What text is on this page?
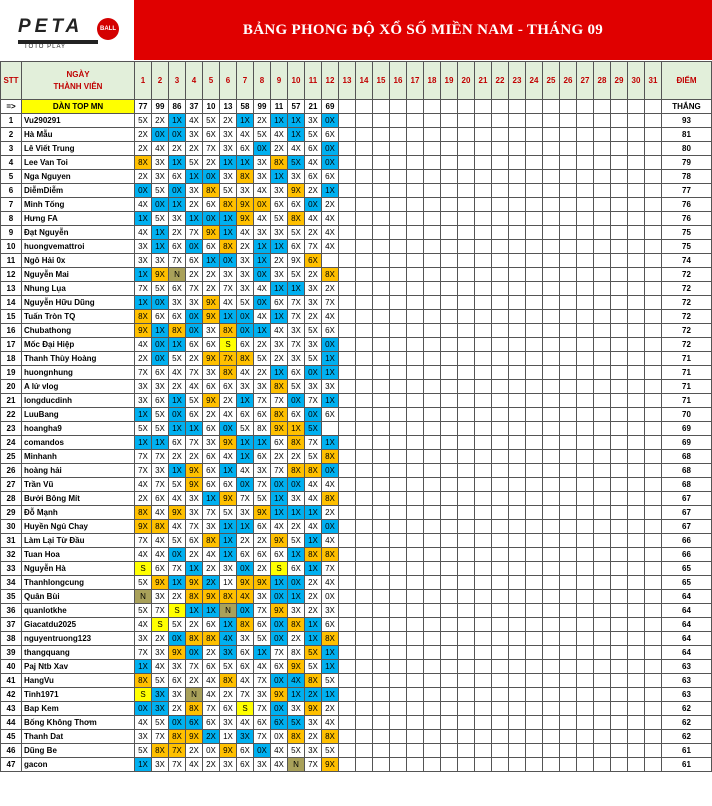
PETA	BALL
TOTO PLAY
BẢNG PHONG ĐỘ XỔ SỐ MIỀN NAM - THÁNG 09
STT	NGÀY
THÀNH VIÊN	1	2	3	4	5	6	7	8	9	10	11	12	13	14	15	16	17	18	19	20	21	22	23	24	25	26	27	28	29	30	31	ĐIỂM
=>	DÀN TOP MN	77	99	86	37	10	13	58	99	11	57	21	69																				THẮNG
1	Vu290291	5X	2X	1X	4X	5X	2X	1X	2X	1X	1X	3X	0X																				93
2	Hà Mẫu	2X	0X	0X	3X	6X	3X	4X	5X	4X	1X	5X	6X																				81
3	Lê Viết Trung	2X	4X	2X	2X	7X	3X	6X	0X	2X	4X	6X	0X																				80
4	Lee Van Toi	8X	3X	1X	5X	2X	1X	1X	3X	8X	5X	4X	0X																				79
5	Nga Nguyen	2X	3X	6X	1X	0X	3X	8X	3X	1X	3X	6X	6X																				78
6	DiễmDiễm	0X	5X	0X	3X	8X	5X	3X	4X	3X	9X	2X	1X																				77
7	Minh Tống	4X	0X	1X	2X	6X	8X	9X	0X	6X	6X	0X	2X																				76
8	Hưng FA	1X	5X	3X	1X	0X	1X	9X	4X	5X	8X	4X	4X																				76
9	Đạt Nguyễn	4X	1X	2X	7X	9X	1X	4X	3X	3X	5X	2X	4X																				75
10	huongvemattroi	3X	1X	6X	0X	6X	8X	2X	1X	1X	6X	7X	4X																				75
11	Ngô Hải 0x	3X	3X	7X	6X	1X	0X	3X	1X	2X	9X	6X																					74
12	Nguyễn Mai	1X	9X	N	2X	2X	3X	3X	0X	3X	5X	2X	8X																				72
13	Nhung Lụa	7X	5X	6X	7X	2X	7X	3X	4X	1X	1X	3X	2X																				72
14	Nguyễn Hữu Dũng	1X	0X	3X	3X	9X	4X	5X	0X	6X	7X	3X	7X																				72
15	Tuấn Tròn TQ	8X	6X	6X	0X	9X	1X	0X	4X	1X	7X	2X	4X																				72
16	Chubathong	9X	1X	8X	0X	3X	8X	0X	1X	4X	3X	5X	6X																				72
17	Mốc Đại Hiệp	4X	0X	1X	6X	6X	S	6X	2X	3X	7X	3X	0X																				72
18	Thanh Thùy Hoàng	2X	0X	5X	2X	9X	7X	8X	5X	2X	3X	5X	1X																				71
19	huongnhung	7X	6X	4X	7X	3X	8X	4X	2X	1X	6X	0X	1X																				71
20	A lử vlog	3X	3X	2X	4X	6X	6X	3X	3X	8X	5X	3X	3X																				71
21	longducdinh	3X	6X	1X	5X	9X	2X	1X	7X	7X	0X	7X	1X																				71
22	LuuBang	1X	5X	0X	6X	2X	4X	6X	6X	8X	6X	0X	6X																				70
23	hoangha9	5X	5X	1X	1X	6X	0X	5X	8X	9X	1X	5X																					69
24	comandos	1X	1X	6X	7X	3X	9X	1X	1X	6X	8X	7X	1X																				69
25	Minhanh	7X	7X	2X	2X	6X	4X	1X	6X	2X	2X	5X	8X																				68
26	hoàng hải	7X	3X	1X	9X	6X	1X	4X	3X	7X	8X	8X	0X																				68
27	Trần Vũ	4X	7X	5X	9X	6X	6X	0X	7X	0X	0X	4X	4X																				68
28	Bưởi Bông Mít	2X	6X	4X	3X	1X	9X	7X	5X	1X	3X	4X	8X																				67
29	Đỗ Mạnh	8X	4X	9X	3X	7X	5X	3X	9X	1X	1X	1X	2X																				67
30	Huyền Ngủ Chay	9X	8X	4X	7X	3X	1X	1X	6X	4X	2X	4X	0X																				67
31	Làm Lại Từ Đầu	7X	4X	5X	6X	8X	1X	2X	2X	9X	5X	1X	4X																				66
32	Tuan Hoa	4X	4X	0X	2X	4X	1X	6X	6X	6X	1X	8X	8X																				66
33	Nguyễn Hà	S	6X	7X	1X	2X	3X	0X	2X	S	6X	1X	7X																				65
34	Thanhlongcung	5X	9X	1X	9X	2X	1X	9X	9X	1X	0X	2X	4X																				65
35	Quân Bùi	N	3X	2X	8X	9X	8X	4X	3X	0X	1X	2X	0X																				64
36	quanlotkhe	5X	7X	S	1X	1X	N	0X	7X	9X	3X	2X	3X																				64
37	Giacatdu2025	4X	S	5X	2X	6X	1X	8X	6X	0X	8X	1X	6X																				64
38	nguyentruong123	3X	2X	0X	8X	8X	4X	3X	5X	0X	2X	1X	8X																				64
39	thangquang	7X	3X	9X	0X	2X	3X	6X	1X	7X	8X	5X	1X																				64
40	Paj Ntb Xav	1X	4X	3X	7X	6X	5X	6X	4X	6X	9X	5X	1X																				63
41	HangVu	8X	5X	6X	2X	4X	8X	4X	7X	0X	4X	8X	5X																				63
42	Tinh1971	S	3X	3X	N	4X	2X	7X	3X	9X	1X	2X	1X																				63
43	Bap Kem	0X	3X	2X	8X	7X	6X	S	7X	0X	3X	9X	2X																				62
44	Bống Không Thơm	4X	5X	0X	6X	6X	3X	4X	6X	6X	5X	3X	4X																				62
45	Thanh Dat	3X	7X	8X	9X	2X	1X	3X	7X	0X	8X	2X	8X																				62
46	Dũng Be	5X	8X	7X	2X	0X	9X	6X	0X	4X	5X	3X	5X																				61
47	gacon	1X	3X	7X	4X	2X	3X	6X	3X	4X	N	7X	9X																				61
